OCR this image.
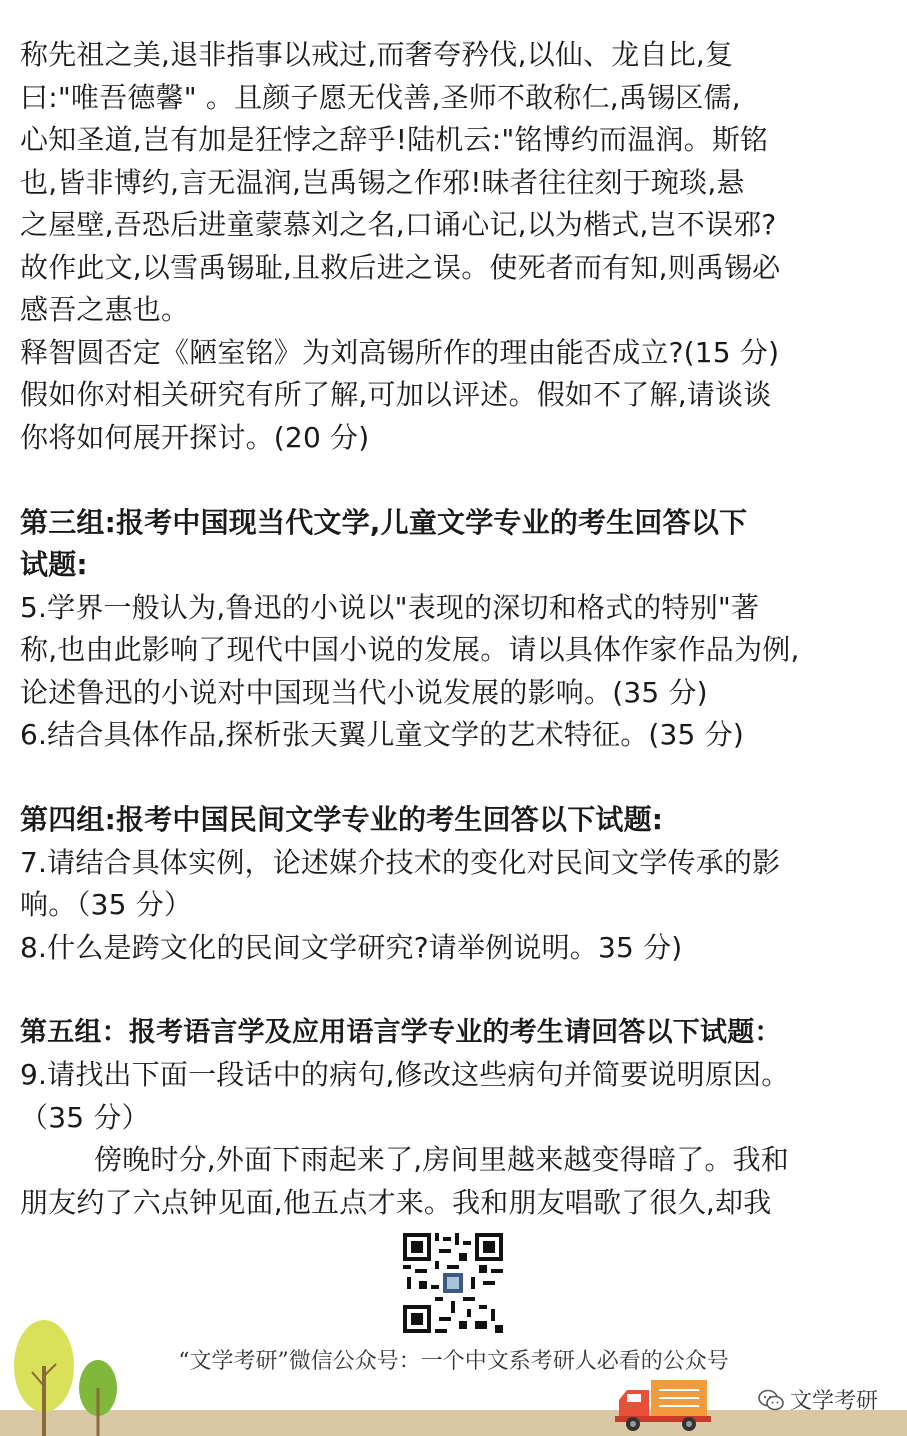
称先祖之美,退非指事以戒过,而奢夸矜伐,以仙、龙自比,复
曰:"唯吾德馨" 。且颜子愿无伐善,圣师不敢称仁,禹锡区儒,
心知圣道,岂有加是狂悖之辞乎!陆机云:"铭博约而温润。斯铭
也,皆非博约,言无温润,岂禹锡之作邪!昧者往往刻于琬琰,悬
之屋壁,吾恐后进童蒙慕刘之名,口诵心记,以为楷式,岂不误邪?
故作此文,以雪禹锡耻,且救后进之误。使死者而有知,则禹锡必
感吾之惠也。
释智圆否定《陋室铭》为刘高锡所作的理由能否成立?(15 分)
假如你对相关研究有所了解,可加以评述。假如不了解,请谈谈
你将如何展开探讨。(20 分)
第三组:报考中国现当代文学,儿童文学专业的考生回答以下
试题:
5.学界一般认为,鲁迅的小说以"表现的深切和格式的特别"著
称,也由此影响了现代中国小说的发展。请以具体作家作品为例,
论述鲁迅的小说对中国现当代小说发展的影响。(35 分)
6.结合具体作品,探析张天翼儿童文学的艺术特征。(35 分)
第四组:报考中国民间文学专业的考生回答以下试题:
7.请结合具体实例，论述媒介技术的变化对民间文学传承的影
响。（35 分）
8.什么是跨文化的民间文学研究?请举例说明。35 分)
第五组：报考语言学及应用语言学专业的考生请回答以下试题：
9.请找出下面一段话中的病句,修改这些病句并简要说明原因。
（35 分）
傍晚时分,外面下雨起来了,房间里越来越变得暗了。我和
朋友约了六点钟见面,他五点才来。我和朋友唱歌了很久,却我
“文学考研”微信公众号：一个中文系考研人必看的公众号
文学考研
